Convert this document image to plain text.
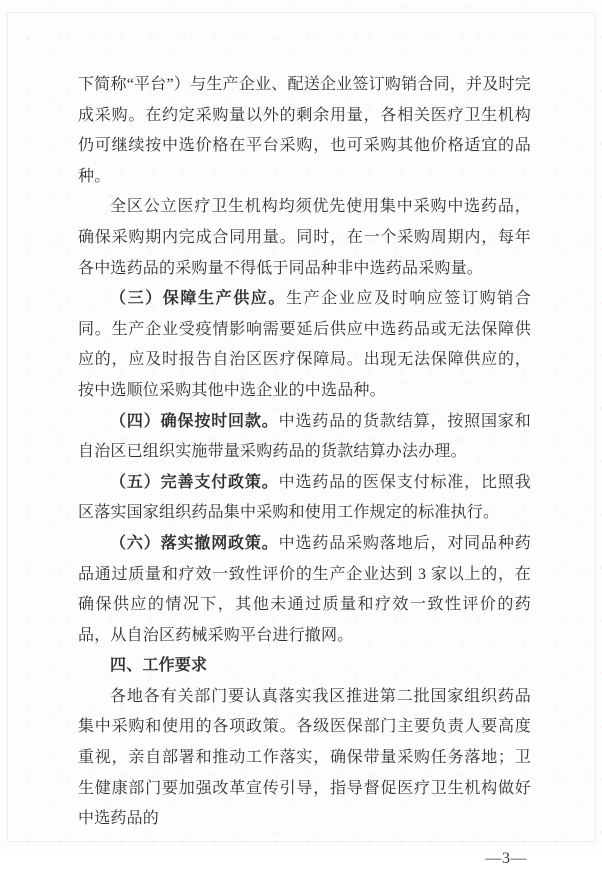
下简称“平台”）与生产企业、配送企业签订购销合同，并及时完成采购。在约定采购量以外的剩余用量，各相关医疗卫生机构仍可继续按中选价格在平台采购，也可采购其他价格适宜的品种。

全区公立医疗卫生机构均须优先使用集中采购中选药品，确保采购期内完成合同用量。同时，在一个采购周期内，每年各中选药品的采购量不得低于同品种非中选药品采购量。

（三）保障生产供应。生产企业应及时响应签订购销合同。生产企业受疫情影响需要延后供应中选药品或无法保障供应的，应及时报告自治区医疗保障局。出现无法保障供应的，按中选顺位采购其他中选企业的中选品种。

（四）确保按时回款。中选药品的货款结算，按照国家和自治区已组织实施带量采购药品的货款结算办法办理。

（五）完善支付政策。中选药品的医保支付标准，比照我区落实国家组织药品集中采购和使用工作规定的标准执行。

（六）落实撤网政策。中选药品采购落地后，对同品种药品通过质量和疗效一致性评价的生产企业达到 3 家以上的，在确保供应的情况下，其他未通过质量和疗效一致性评价的药品，从自治区药械采购平台进行撤网。

四、工作要求

各地各有关部门要认真落实我区推进第二批国家组织药品集中采购和使用的各项政策。各级医保部门主要负责人要高度重视，亲自部署和推动工作落实，确保带量采购任务落地；卫生健康部门要加强改革宣传引导，指导督促医疗卫生机构做好中选药品的

—3—
